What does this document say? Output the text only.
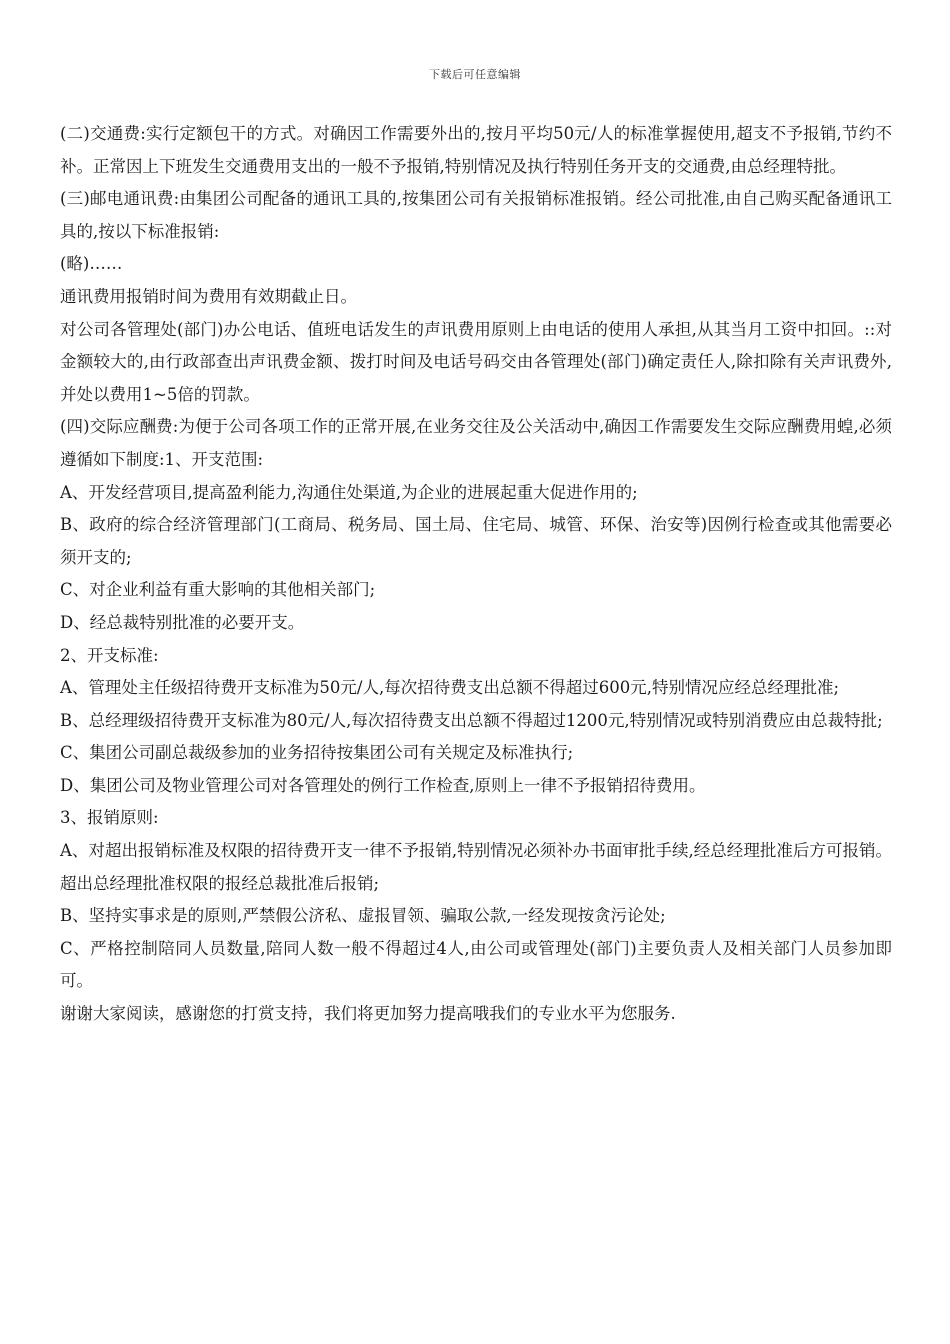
下载后可任意编辑

(二)交通费:实行定额包干的方式。对确因工作需要外出的,按月平均50元/人的标准掌握使用,超支不予报销,节约不补。正常因上下班发生交通费用支出的一般不予报销,特别情况及执行特别任务开支的交通费,由总经理特批。

(三)邮电通讯费:由集团公司配备的通讯工具的,按集团公司有关报销标准报销。经公司批准,由自己购买配备通讯工具的,按以下标准报销:

(略)……

通讯费用报销时间为费用有效期截止日。

对公司各管理处(部门)办公电话、值班电话发生的声讯费用原则上由电话的使用人承担,从其当月工资中扣回。::对金额较大的,由行政部查出声讯费金额、拨打时间及电话号码交由各管理处(部门)确定责任人,除扣除有关声讯费外,并处以费用1~5倍的罚款。

(四)交际应酬费:为便于公司各项工作的正常开展,在业务交往及公关活动中,确因工作需要发生交际应酬费用蝗,必须遵循如下制度:1、开支范围:

A、开发经营项目,提高盈利能力,沟通住处渠道,为企业的进展起重大促进作用的;

B、政府的综合经济管理部门(工商局、税务局、国土局、住宅局、城管、环保、治安等)因例行检查或其他需要必须开支的;

C、对企业利益有重大影响的其他相关部门;

D、经总裁特别批准的必要开支。

2、开支标准:

A、管理处主任级招待费开支标准为50元/人,每次招待费支出总额不得超过600元,特别情况应经总经理批准;

B、总经理级招待费开支标准为80元/人,每次招待费支出总额不得超过1200元,特别情况或特别消费应由总裁特批;

C、集团公司副总裁级参加的业务招待按集团公司有关规定及标准执行;

D、集团公司及物业管理公司对各管理处的例行工作检查,原则上一律不予报销招待费用。

3、报销原则:

A、对超出报销标准及权限的招待费开支一律不予报销,特别情况必须补办书面审批手续,经总经理批准后方可报销。超出总经理批准权限的报经总裁批准后报销;

B、坚持实事求是的原则,严禁假公济私、虚报冒领、骗取公款,一经发现按贪污论处;

C、严格控制陪同人员数量,陪同人数一般不得超过4人,由公司或管理处(部门)主要负责人及相关部门人员参加即可。

谢谢大家阅读，感谢您的打赏支持，我们将更加努力提高哦我们的专业水平为您服务.
